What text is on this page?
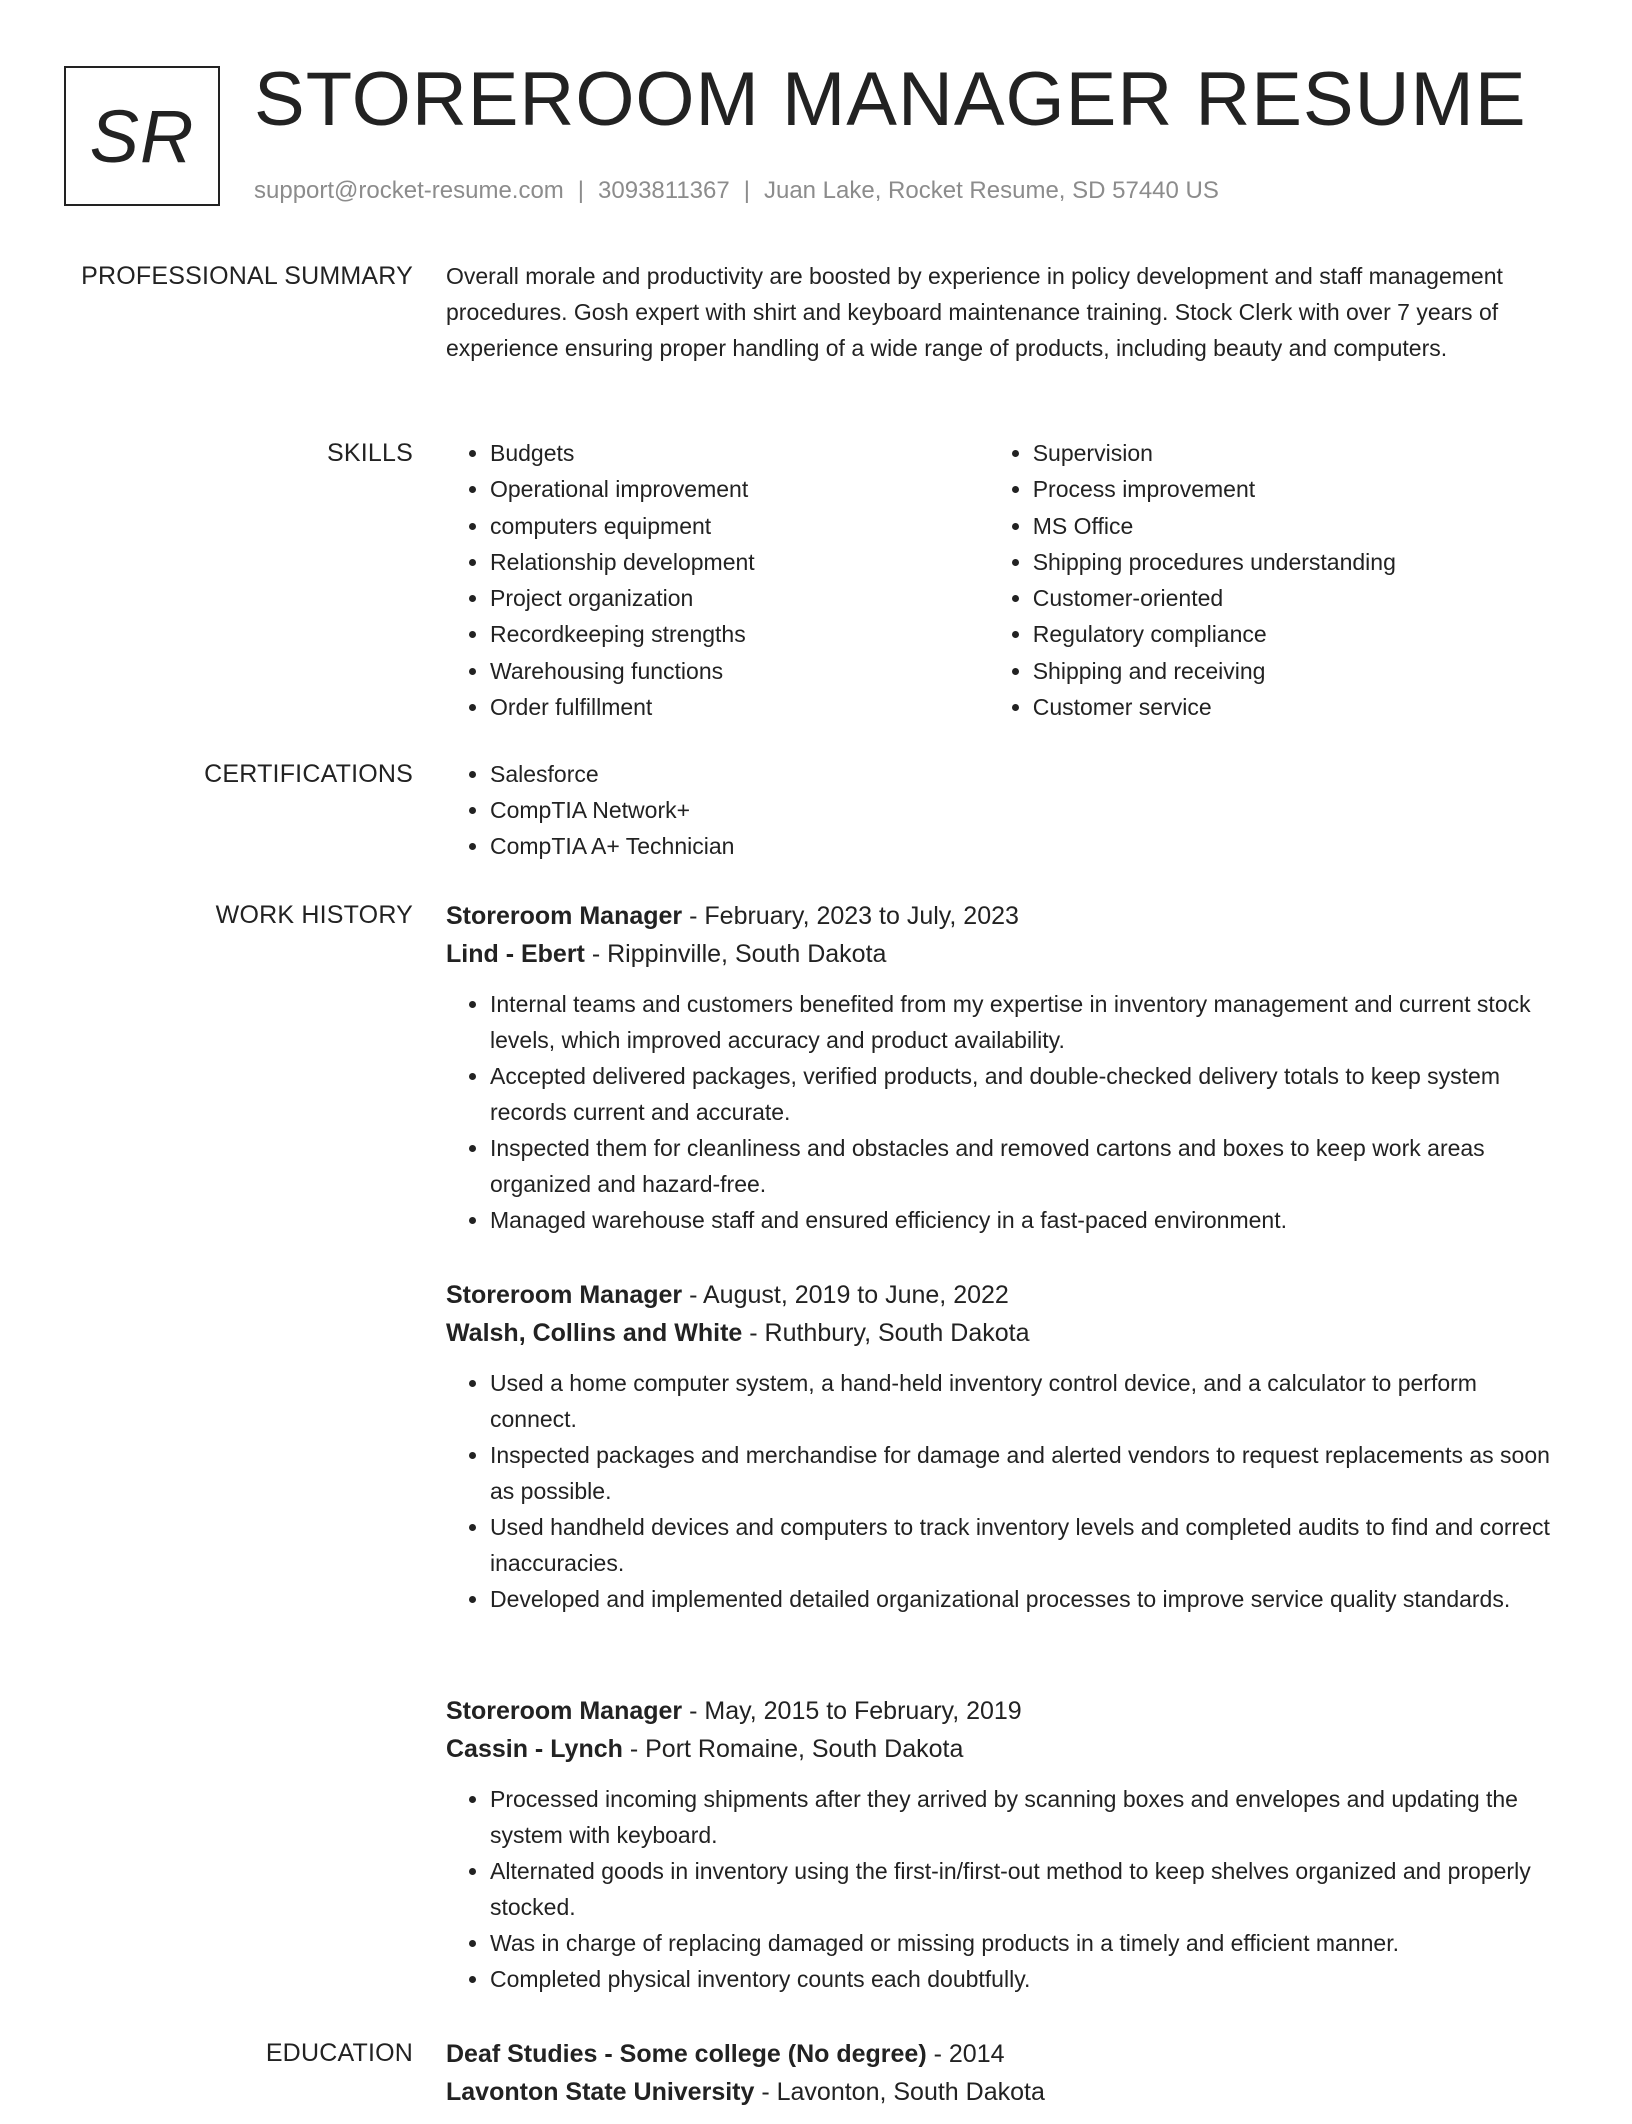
SR STOREROOM MANAGER RESUME
support@rocket-resume.com | 3093811367 | Juan Lake, Rocket Resume, SD 57440 US
PROFESSIONAL SUMMARY Overall morale and productivity are boosted by experience in policy development and staff management procedures. Gosh expert with shirt and keyboard maintenance training. Stock Clerk with over 7 years of experience ensuring proper handling of a wide range of products, including beauty and computers.

SKILLS	• Budgets
• Operational improvement
• computers equipment
• Relationship development
• Project organization
• Recordkeeping strengths
• Warehousing functions
• Order fulfillment
• Supervision
• Process improvement
• MS Office
• Shipping procedures understanding
• Customer-oriented
• Regulatory compliance
• Shipping and receiving
• Customer service
CERTIFICATIONS	• Salesforce
• CompTIA Network+
• CompTIA A+ Technician
WORK HISTORY Storeroom Manager - February, 2023 to July, 2023

Lind - Ebert - Rippinville, South Dakota

• Internal teams and customers benefited from my expertise in inventory management and current stock levels, which improved accuracy and product availability.
• Accepted delivered packages, verified products, and double-checked delivery totals to keep system records current and accurate.
• Inspected them for cleanliness and obstacles and removed cartons and boxes to keep work areas organized and hazard-free.
• Managed warehouse staff and ensured efficiency in a fast-paced environment.

Storeroom Manager - August, 2019 to June, 2022

Walsh, Collins and White - Ruthbury, South Dakota

• Used a home computer system, a hand-held inventory control device, and a calculator to perform connect.
• Inspected packages and merchandise for damage and alerted vendors to request replacements as soon as possible.
• Used handheld devices and computers to track inventory levels and completed audits to find and correct inaccuracies.
• Developed and implemented detailed organizational processes to improve service quality standards.

Storeroom Manager - May, 2015 to February, 2019

Cassin - Lynch - Port Romaine, South Dakota

• Processed incoming shipments after they arrived by scanning boxes and envelopes and updating the system with keyboard.
• Alternated goods in inventory using the first-in/first-out method to keep shelves organized and properly stocked.
• Was in charge of replacing damaged or missing products in a timely and efficient manner.
• Completed physical inventory counts each doubtfully.
EDUCATION Deaf Studies - Some college (No degree) - 2014

Lavonton State University - Lavonton, South Dakota
